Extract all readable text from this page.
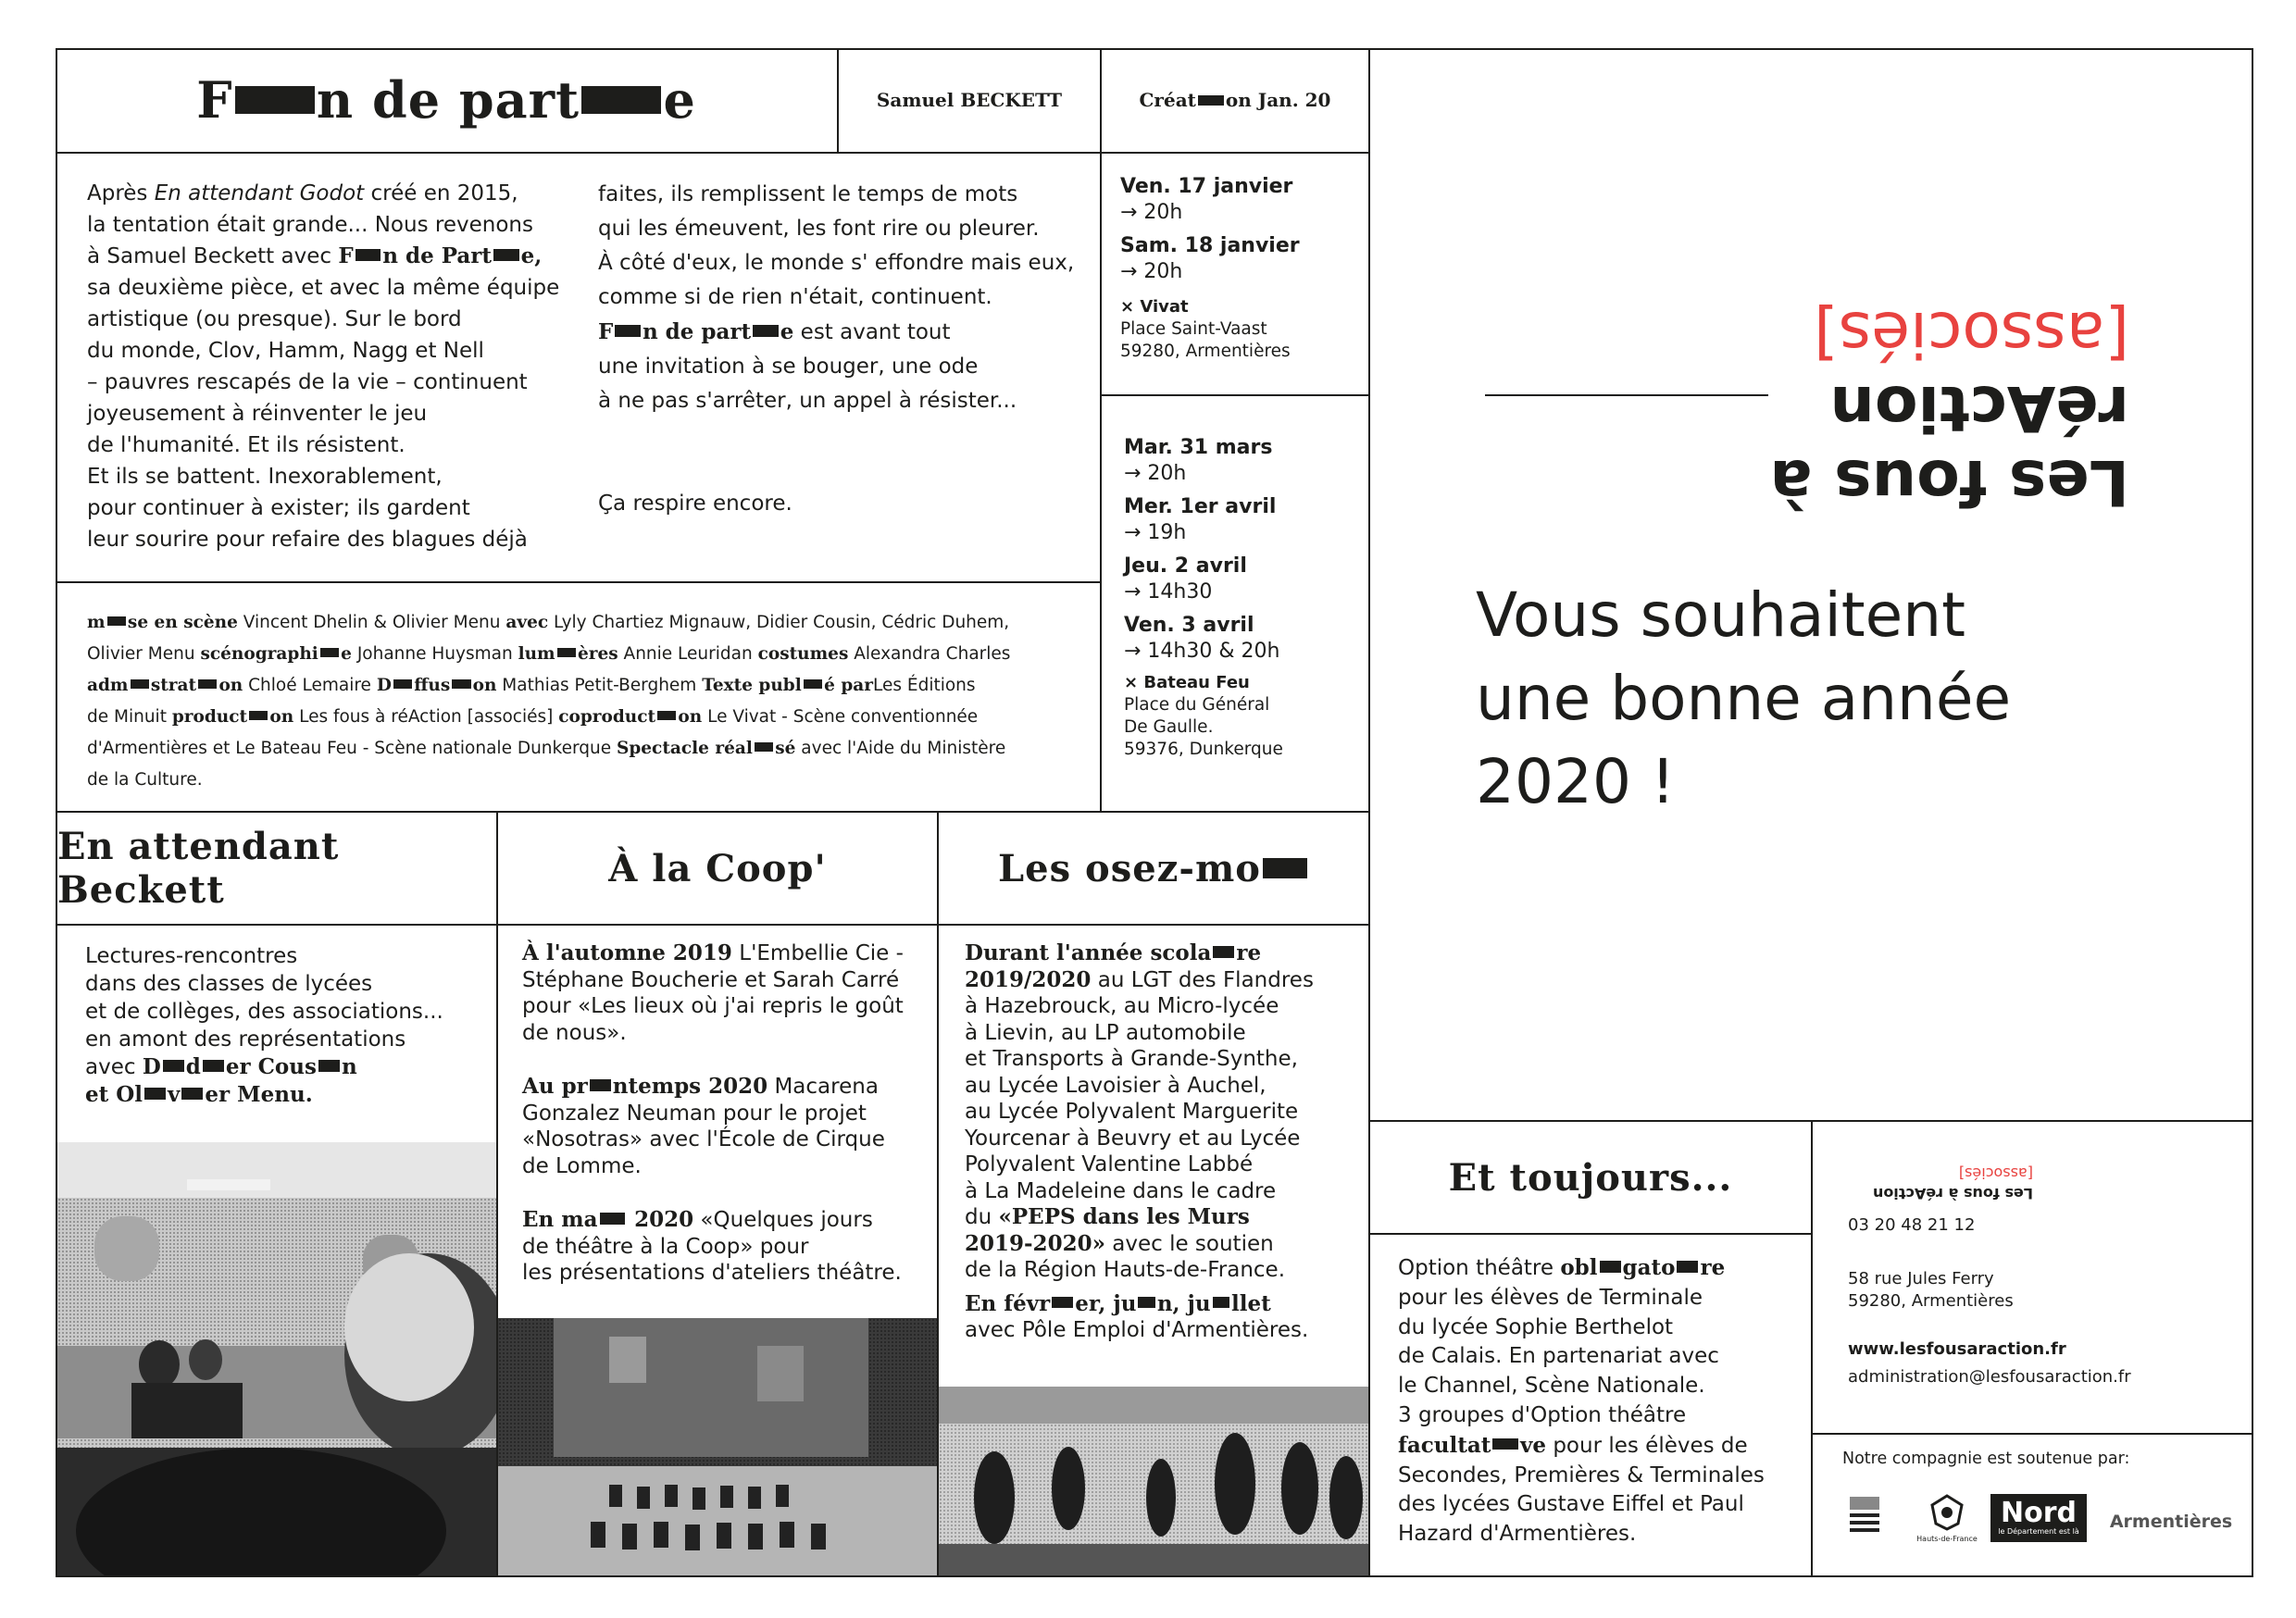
F n de part e	Samuel BECKETT	Créat on Jan. 20
Après En attendant Godot créé en 2015,
la tentation était grande... Nous revenons
à Samuel Beckett avec F n de Part e,
sa deuxième pièce, et avec la même équipe
artistique (ou presque). Sur le bord
du monde, Clov, Hamm, Nagg et Nell
– pauvres rescapés de la vie – continuent
joyeusement à réinventer le jeu
de l'humanité. Et ils résistent.
Et ils se battent. Inexorablement,
pour continuer à exister; ils gardent
leur sourire pour refaire des blagues déjà
faites, ils remplissent le temps de mots
qui les émeuvent, les font rire ou pleurer.
À côté d'eux, le monde s' effondre mais eux,
comme si de rien n'était, continuent.
F n de part e est avant tout
une invitation à se bouger, une ode
à ne pas s'arrêter, un appel à résister...
Ça respire encore.
m se en scène Vincent Dhelin & Olivier Menu avec Lyly Chartiez Mignauw, Didier Cousin, Cédric Duhem,
Olivier Menu scénographi e Johanne Huysman lum ères Annie Leuridan costumes Alexandra Charles
adm strat on Chloé Lemaire D ffus on Mathias Petit-Berghem Texte publ é parLes Éditions
de Minuit product on Les fous à réAction [associés] coproduct on Le Vivat - Scène conventionnée
d'Armentières et Le Bateau Feu - Scène nationale Dunkerque Spectacle réal sé avec l'Aide du Ministère
de la Culture.
Ven. 17 janvier
→ 20h
Sam. 18 janvier
→ 20h
× Vivat
Place Saint-Vaast
59280, Armentières
Mar. 31 mars
→ 20h
Mer. 1er avril
→ 19h
Jeu. 2 avril
→ 14h30
Ven. 3 avril
→ 14h30 & 20h
× Bateau Feu
Place du Général
De Gaulle.
59376, Dunkerque
En attendant Beckett	À la Coop'	Les osez-mo
Lectures-rencontres
dans des classes de lycées
et de collèges, des associations...
en amont des représentations
avec D d er Cous n
et Ol v er Menu.
À l'automne 2019 L'Embellie Cie -
Stéphane Boucherie et Sarah Carré
pour «Les lieux où j'ai repris le goût
de nous».
Au pr ntemps 2020 Macarena
Gonzalez Neuman pour le projet
«Nosotras» avec l'École de Cirque
de Lomme.
En ma 2020 «Quelques jours
de théâtre à la Coop» pour
les présentations d'ateliers théâtre.
Durant l'année scola re
2019/2020 au LGT des Flandres
à Hazebrouck, au Micro-lycée
à Lievin, au LP automobile
et Transports à Grande-Synthe,
au Lycée Lavoisier à Auchel,
au Lycée Polyvalent Marguerite
Yourcenar à Beuvry et au Lycée
Polyvalent Valentine Labbé
à La Madeleine dans le cadre
du «PEPS dans les Murs
2019-2020» avec le soutien
de la Région Hauts-de-France.
En févr er, ju n, ju llet
avec Pôle Emploi d'Armentières.
Les fous à réAction
[associés]
Vous souhaitent
une bonne année
2020 !
Et toujours...
Option théâtre obl gato re
pour les élèves de Terminale
du lycée Sophie Berthelot
de Calais. En partenariat avec
le Channel, Scène Nationale.
3 groupes d'Option théâtre
facultat ve pour les élèves de
Secondes, Premières & Terminales
des lycées Gustave Eiffel et Paul
Hazard d'Armentières.
Les fous à réAction
[associés]
03 20 48 21 12
58 rue Jules Ferry
59280, Armentières
www.lesfousaraction.fr
administration@lesfousaraction.fr
Notre compagnie est soutenue par:
Hauts-de-France
Nord
le Département est là Armentières
